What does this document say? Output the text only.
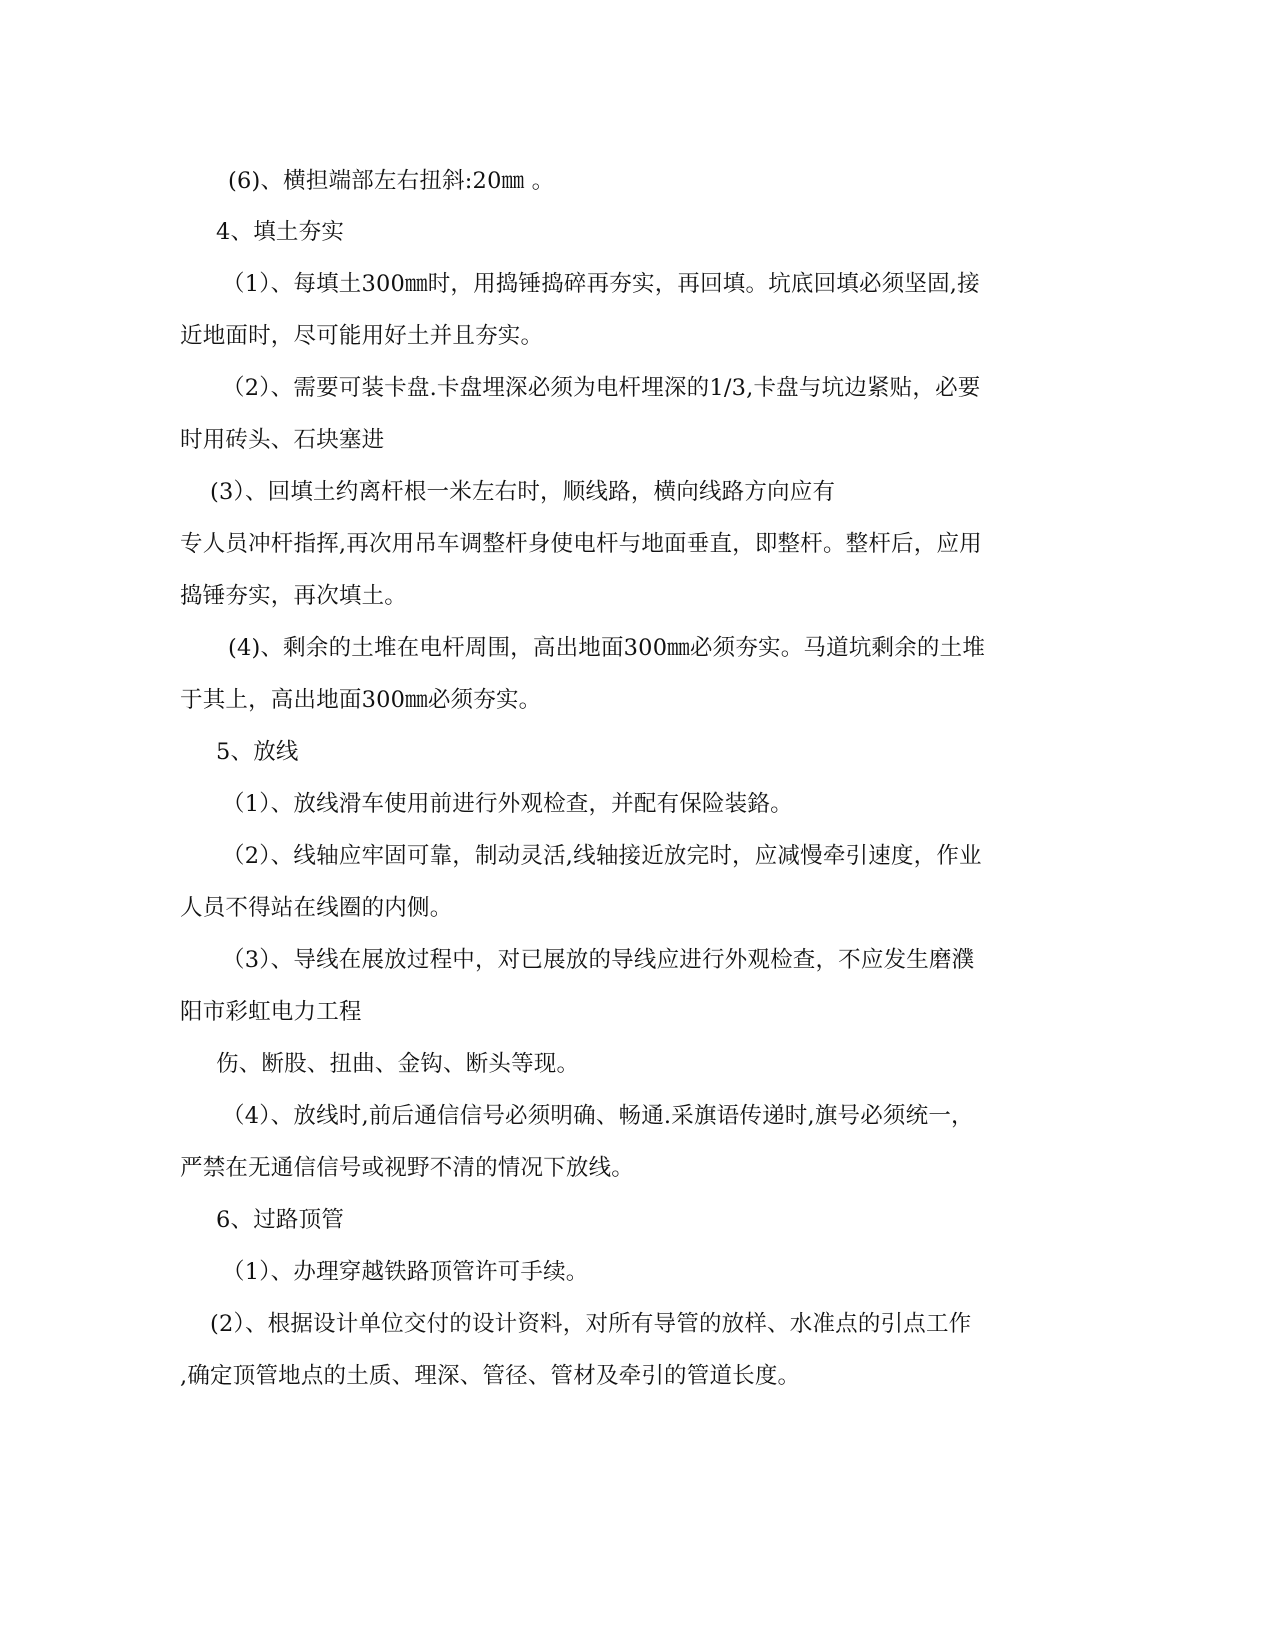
(6)、横担端部左右扭斜:20㎜ 。
4、填土夯实
（1）、每填土300㎜时，用捣锤捣碎再夯实，再回填。坑底回填必须坚固,接
近地面时，尽可能用好土并且夯实。
（2）、需要可装卡盘.卡盘埋深必须为电杆埋深的1/3,卡盘与坑边紧贴，必要
时用砖头、石块塞进
(3）、回填土约离杆根一米左右时，顺线路，横向线路方向应有
专人员冲杆指挥,再次用吊车调整杆身使电杆与地面垂直，即整杆。整杆后，应用
捣锤夯实，再次填土。
(4)、剩余的土堆在电杆周围，高出地面300㎜必须夯实。马道坑剩余的土堆
于其上，高出地面300㎜必须夯实。
5、放线
（1）、放线滑车使用前进行外观检查，并配有保险装鉻。
（2）、线轴应牢固可靠，制动灵活,线轴接近放完时，应减慢牵引速度，作业
人员不得站在线圈的内侧。
（3）、导线在展放过程中，对已展放的导线应进行外观检查，不应发生磨濮
阳市彩虹电力工程
伤、断股、扭曲、金钩、断头等现。
（4）、放线时,前后通信信号必须明确、畅通.采旗语传递时,旗号必须统一，
严禁在无通信信号或视野不清的情况下放线。
6、过路顶管
（1）、办理穿越铁路顶管许可手续。
(2）、根据设计单位交付的设计资料，对所有导管的放样、水准点的引点工作
,确定顶管地点的土质、理深、管径、管材及牵引的管道长度。
